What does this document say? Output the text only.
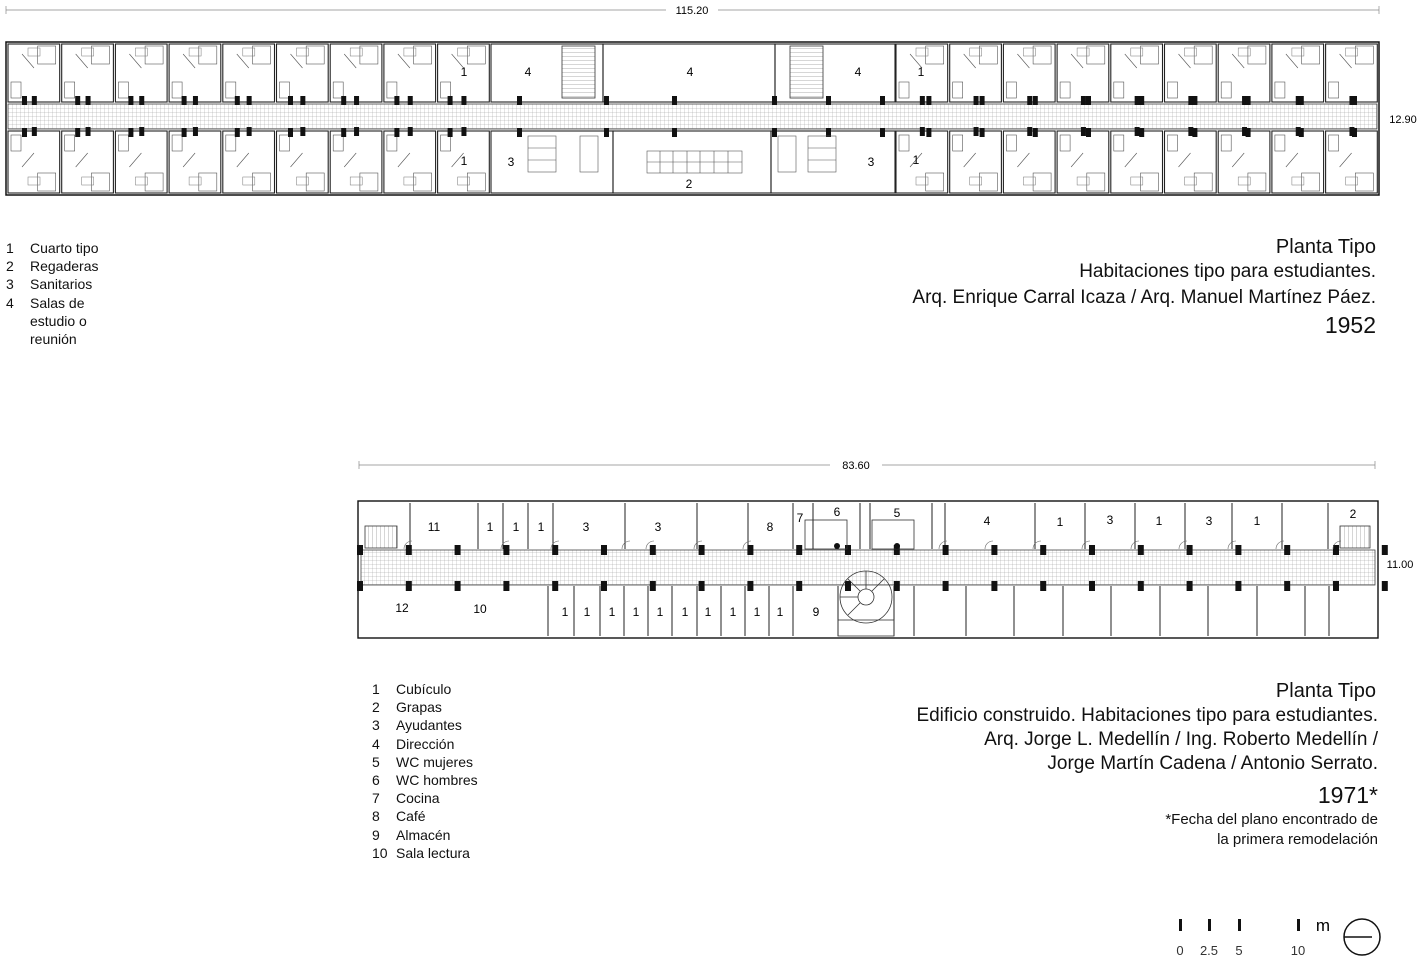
115.20
12.90
1	4	4	4	1
1	3
2
3	1
83.60
11.00
11	1 1 1	3	3	8
7	6	5
4	1	3	1	3	1	2
12	10	1 1 1 1 1 1 1 1 1 1 9
m
0 2.5 5	10
1	Cuarto tipo
2	Regaderas
3	Sanitarios
4	Salas de estudio o reunión
Planta Tipo
Habitaciones tipo para estudiantes.
Arq. Enrique Carral Icaza / Arq. Manuel Martínez Páez.
1952
1	Cubículo
2	Grapas
3	Ayudantes
4	Dirección
5	WC mujeres
6	WC hombres
7	Cocina
8	Café
9	Almacén
10 Sala lectura
Planta Tipo
Edificio construido. Habitaciones tipo para estudiantes.
Arq. Jorge L. Medellín / Ing. Roberto Medellín /
Jorge Martín Cadena / Antonio Serrato.
1971*
*Fecha del plano encontrado de
la primera remodelación
